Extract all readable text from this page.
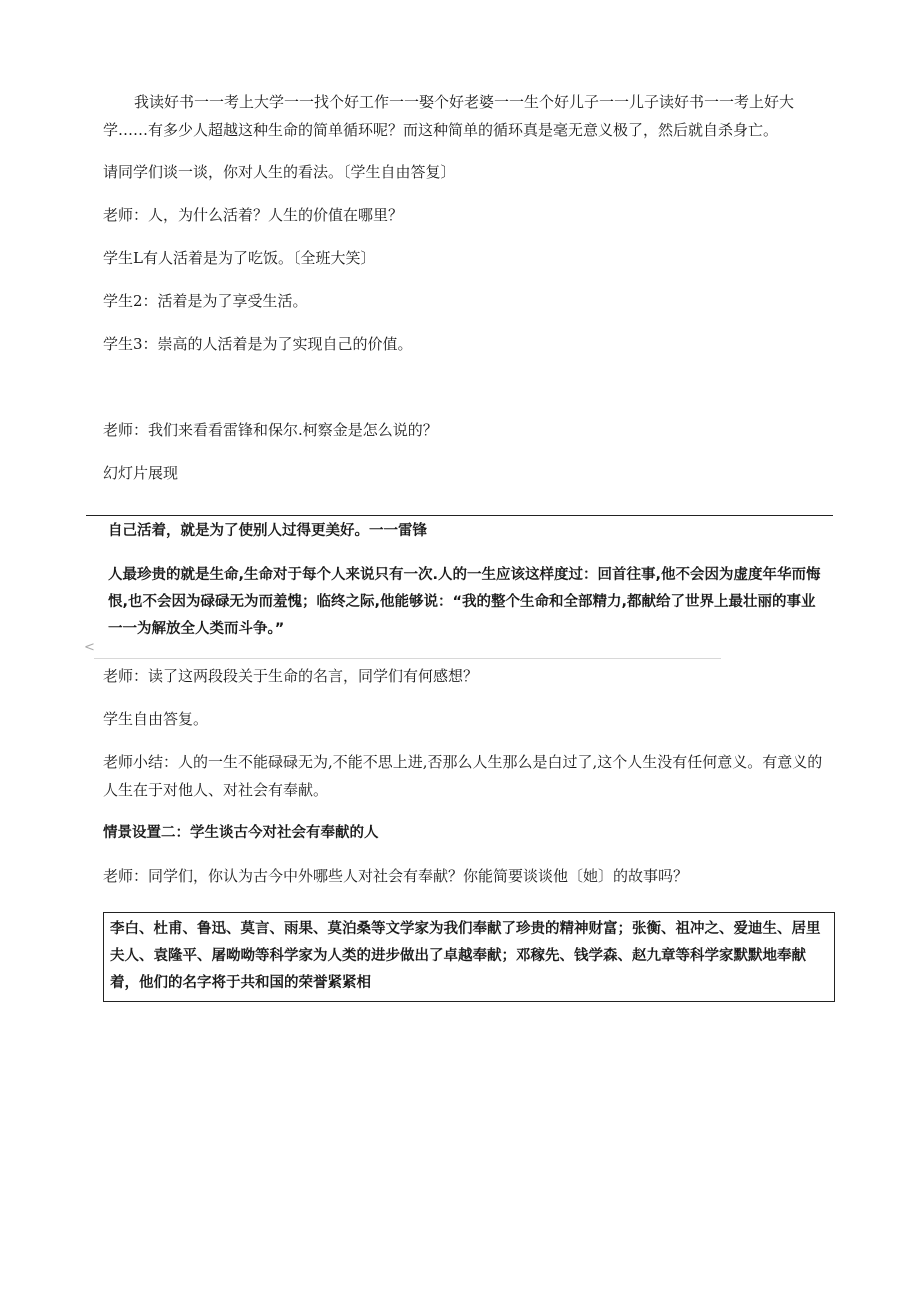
我读好书一一考上大学一一找个好工作一一娶个好老婆一一生个好儿子一一儿子读好书一一考上好大学……有多少人超越这种生命的简单循环呢？而这种简单的循环真是毫无意义极了，然后就自杀身亡。

请同学们谈一谈，你对人生的看法。〔学生自由答复〕

老师：人，为什么活着？人生的价值在哪里？

学生L有人活着是为了吃饭。〔全班大笑〕

学生2：活着是为了享受生活。

学生3：崇高的人活着是为了实现自己的价值。

老师：我们来看看雷锋和保尔.柯察金是怎么说的？

幻灯片展现

自己活着，就是为了使别人过得更美好。一一雷锋
人最珍贵的就是生命,生命对于每个人来说只有一次.人的一生应该这样度过：回首往事,他不会因为虚度年华而悔恨,也不会因为碌碌无为而羞愧；临终之际,他能够说：“我的整个生命和全部精力,都献给了世界上最壮丽的事业一一为解放全人类而斗争。”
<

老师：读了这两段段关于生命的名言，同学们有何感想？

学生自由答复。

老师小结：人的一生不能碌碌无为,不能不思上进,否那么人生那么是白过了,这个人生没有任何意义。有意义的人生在于对他人、对社会有奉献。

情景设置二：学生谈古今对社会有奉献的人

老师：同学们，你认为古今中外哪些人对社会有奉献？你能简要谈谈他〔她〕的故事吗？

李白、杜甫、鲁迅、莫言、雨果、莫泊桑等文学家为我们奉献了珍贵的精神财富；张衡、祖冲之、爱迪生、居里夫人、袁隆平、屠呦呦等科学家为人类的进步做出了卓越奉献；邓稼先、钱学森、赵九章等科学家默默地奉献着，他们的名字将于共和国的荣誉紧紧相
